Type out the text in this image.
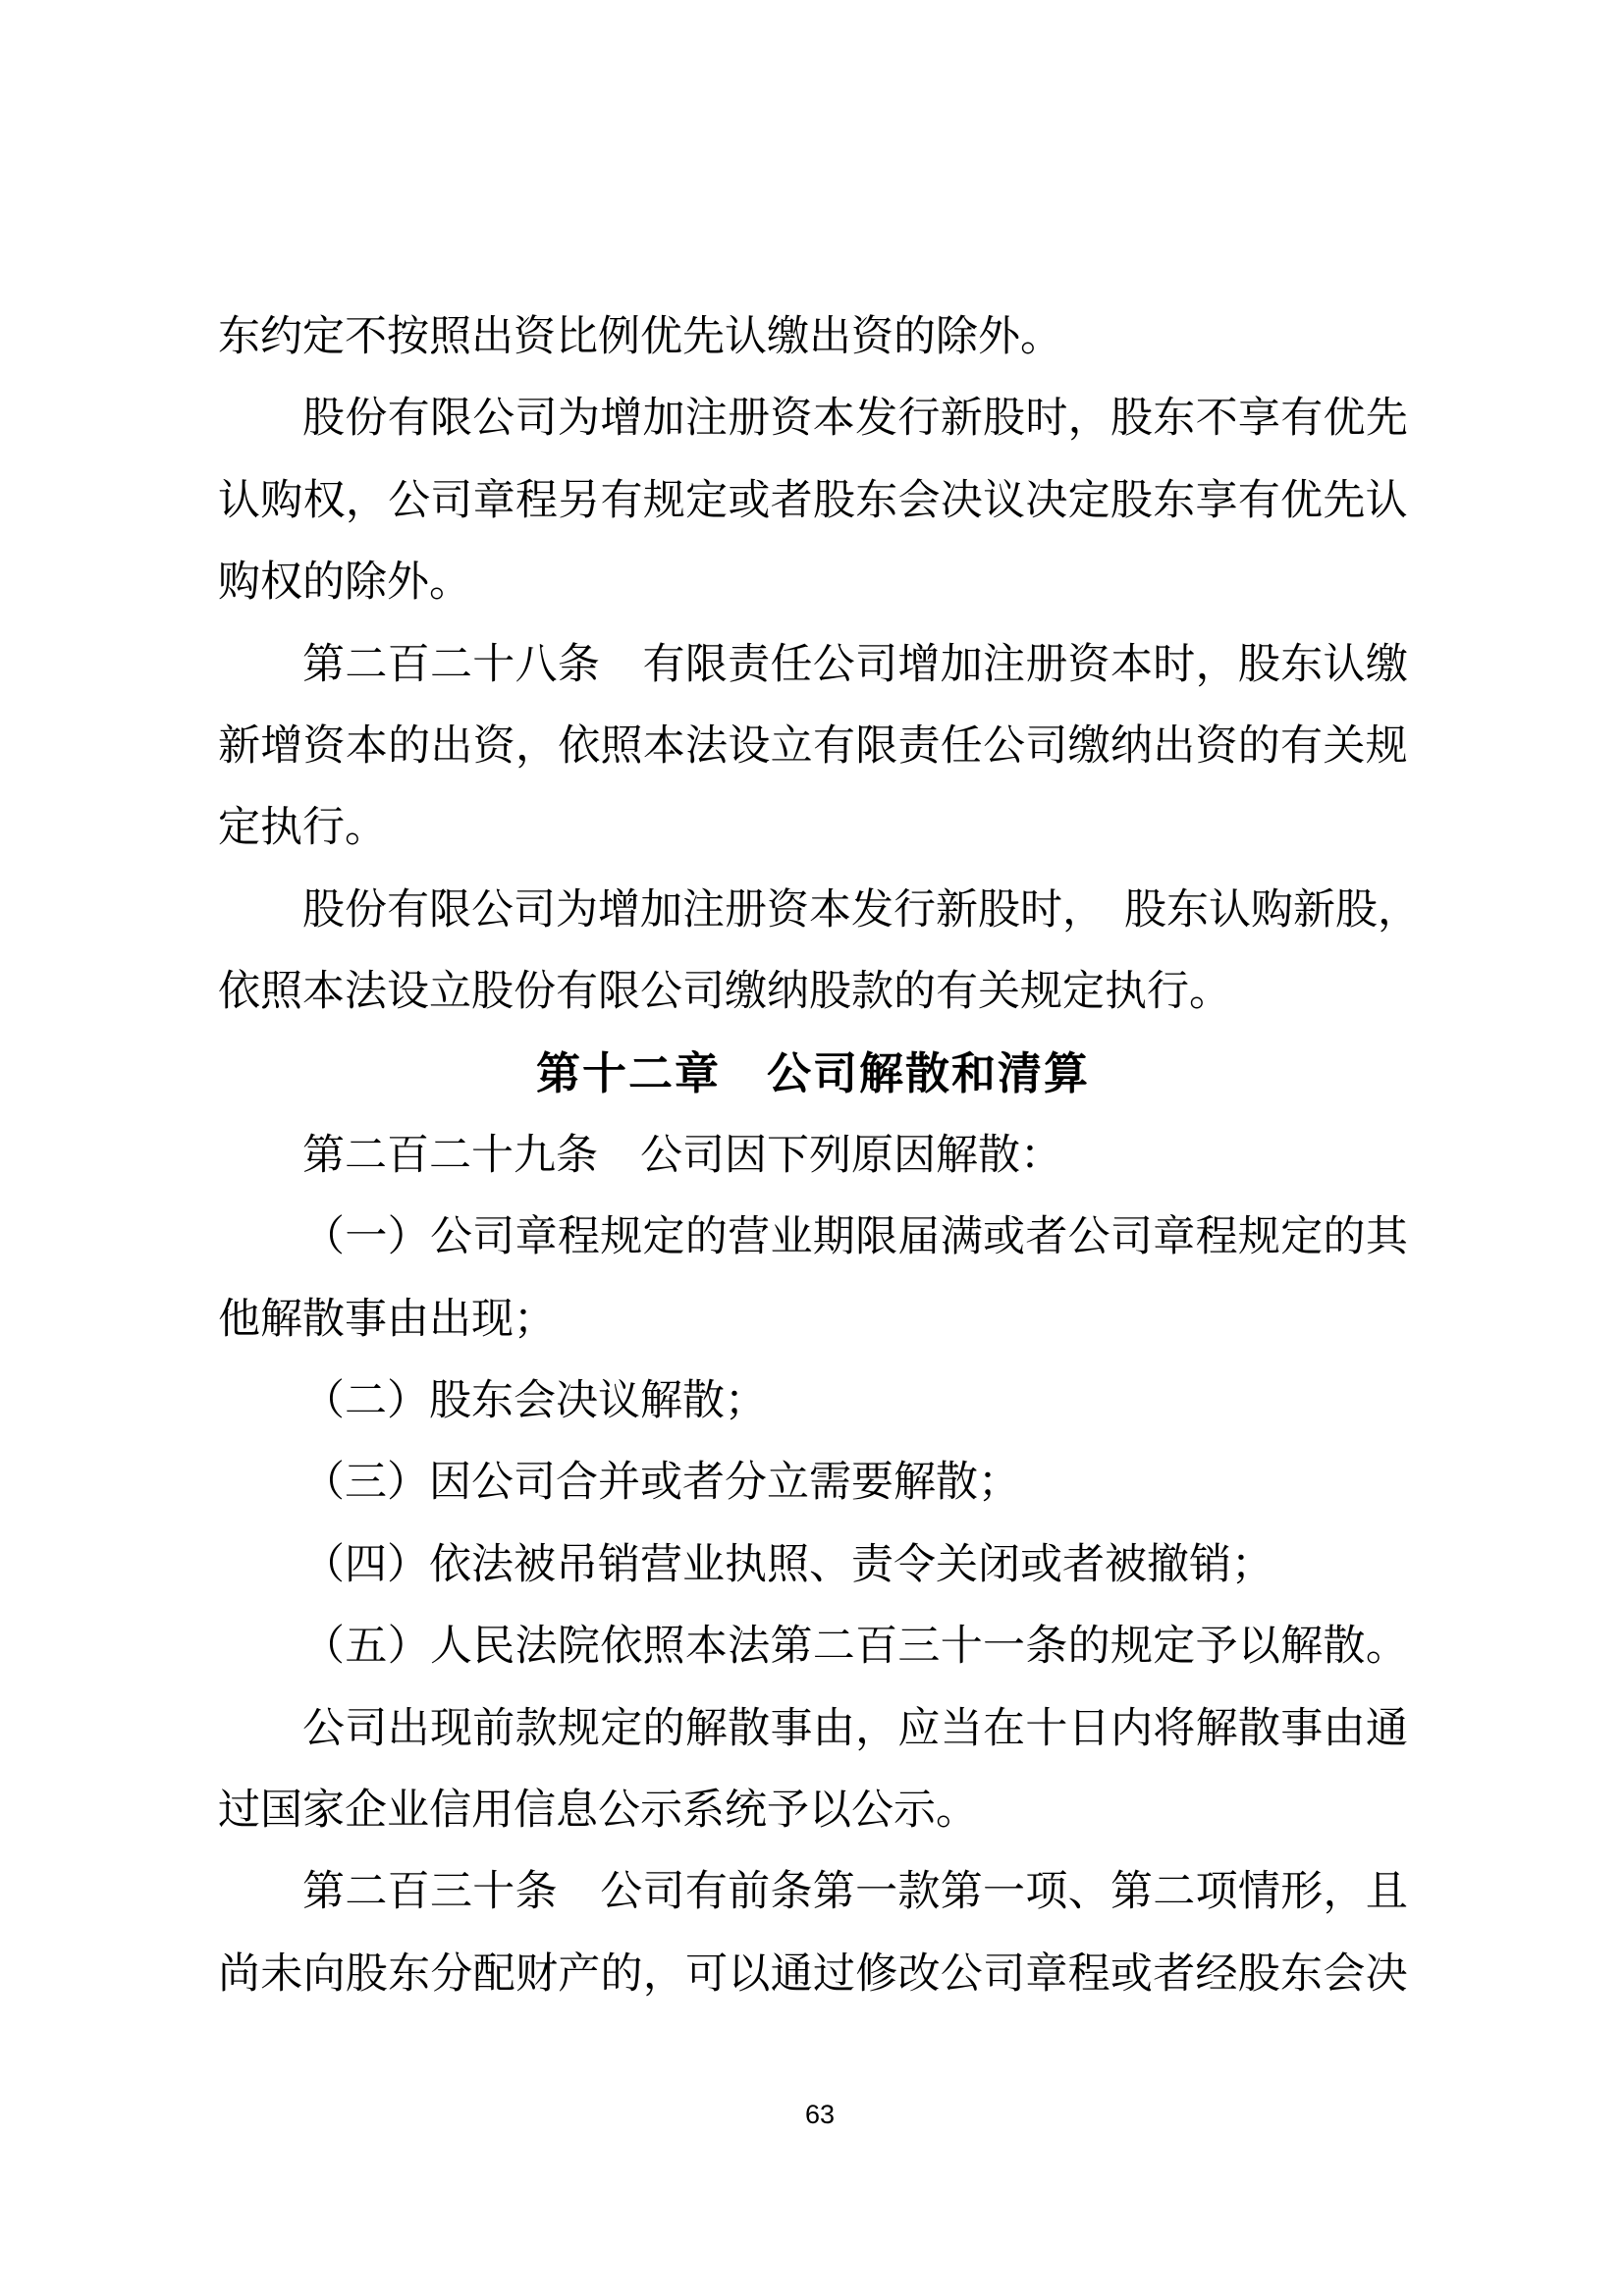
东约定不按照出资比例优先认缴出资的除外。
股 份 有 限 公 司 为 增 加 注 册 资 本 发 行 新 股 时 ， 股 东 不 享 有 优 先
认 购 权 ， 公 司 章 程 另 有 规 定 或 者 股 东 会 决 议 决 定 股 东 享 有 优 先 认
购权的除外。
第 二 百 二 十 八 条 有 限 责 任 公 司 增 加 注 册 资 本 时 ， 股 东 认 缴
新 增 资 本 的 出 资 ， 依 照 本 法 设 立 有 限 责 任 公 司 缴 纳 出 资 的 有 关 规
定执行。
股 份 有 限 公 司 为 增 加 注 册 资 本 发 行 新 股 时 ， 股 东 认 购 新 股 ，
依照本法设立股份有限公司缴纳股款的有关规定执行。
第十二章　公司解散和清算
第二百二十九条　公司因下列原因解散：
（ 一 ） 公 司 章 程 规 定 的 营 业 期 限 届 满 或 者 公 司 章 程 规 定 的 其
他解散事由出现；
（二）股东会决议解散；
（三）因公司合并或者分立需要解散；
（四）依法被吊销营业执照、责令关闭或者被撤销；
（ 五 ） 人 民 法 院 依 照 本 法 第 二 百 三 十 一 条 的 规 定 予 以 解 散 。
公 司 出 现 前 款 规 定 的 解 散 事 由 ， 应 当 在 十 日 内 将 解 散 事 由 通
过国家企业信用信息公示系统予以公示。
第 二 百 三 十 条 公 司 有 前 条 第 一 款 第 一 项 、 第 二 项 情 形 ， 且
尚 未 向 股 东 分 配 财 产 的 ， 可 以 通 过 修 改 公 司 章 程 或 者 经 股 东 会 决
63
